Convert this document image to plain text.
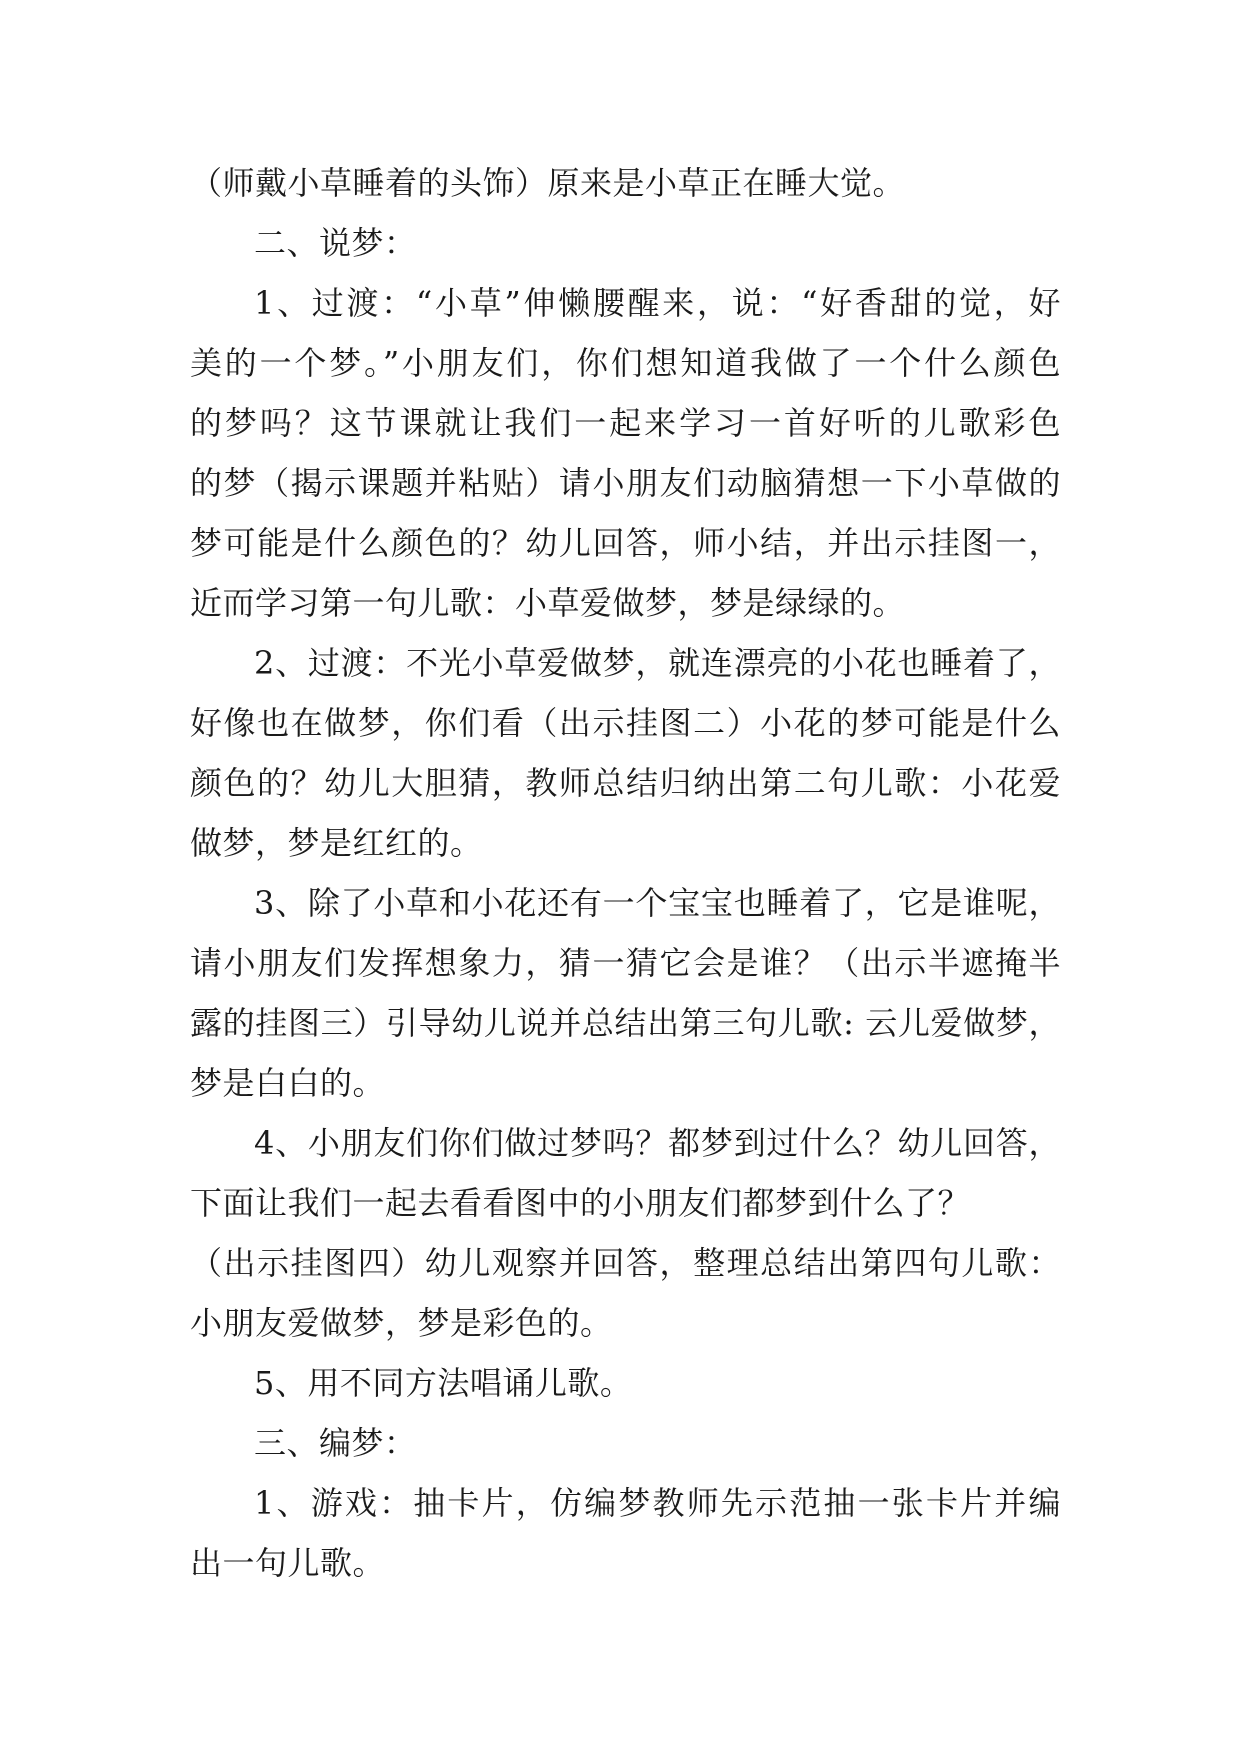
（师戴小草睡着的头饰）原来是小草正在睡大觉。
二、说梦：
1、过渡：“小草”伸懒腰醒来，说：“好香甜的觉，好
美的一个梦。”小朋友们，你们想知道我做了一个什么颜色
的梦吗？这节课就让我们一起来学习一首好听的儿歌彩色
的梦（揭示课题并粘贴）请小朋友们动脑猜想一下小草做的
梦可能是什么颜色的？幼儿回答，师小结，并出示挂图一，
近而学习第一句儿歌：小草爱做梦，梦是绿绿的。
2、过渡：不光小草爱做梦，就连漂亮的小花也睡着了，
好像也在做梦，你们看（出示挂图二）小花的梦可能是什么
颜色的？幼儿大胆猜，教师总结归纳出第二句儿歌：小花爱
做梦，梦是红红的。
3、除了小草和小花还有一个宝宝也睡着了，它是谁呢，
请小朋友们发挥想象力，猜一猜它会是谁？（出示半遮掩半
露的挂图三）引导幼儿说并总结出第三句儿歌: 云儿爱做梦，
梦是白白的。
4、小朋友们你们做过梦吗？都梦到过什么？幼儿回答，
下面让我们一起去看看图中的小朋友们都梦到什么了？
（出示挂图四）幼儿观察并回答，整理总结出第四句儿歌：
小朋友爱做梦，梦是彩色的。
5、用不同方法唱诵儿歌。
三、编梦：
1、游戏：抽卡片，仿编梦教师先示范抽一张卡片并编
出一句儿歌。
